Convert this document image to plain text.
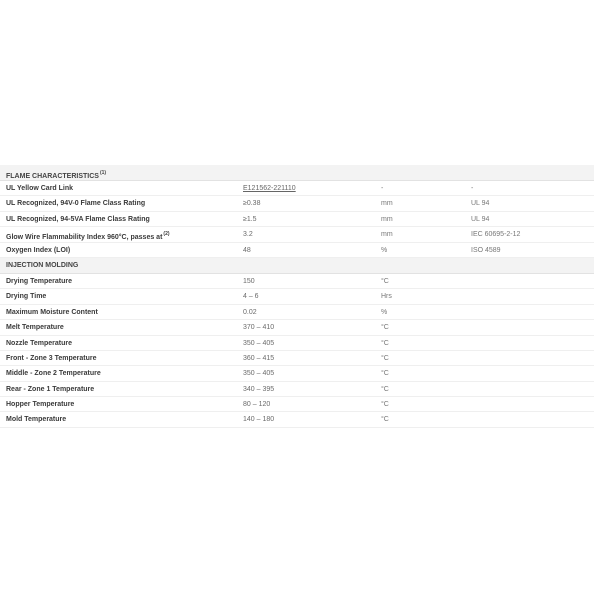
FLAME CHARACTERISTICS$^{(1)}$
UL Yellow Card Link	E121562-221110	-	-
UL Recognized, 94V-0 Flame Class Rating	≥0.38	mm	UL 94
UL Recognized, 94-5VA Flame Class Rating	≥1.5	mm	UL 94
Glow Wire Flammability Index 960°C, passes $at^{(2)}$	3.2	mm	IEC 60695-2-12
Oxygen Index (LOI)	48	%	ISO 4589
INJECTION MOLDING
Drying Temperature	150	°C
Drying Time	4 – 6	Hrs
Maximum Moisture Content	0.02	%
Melt Temperature	370 – 410	°C
Nozzle Temperature	350 – 405	°C
Front - Zone 3 Temperature	360 – 415	°C
Middle - Zone 2 Temperature	350 – 405	°C
Rear - Zone 1 Temperature	340 – 395	°C
Hopper Temperature	80 – 120	°C
Mold Temperature	140 – 180	°C
